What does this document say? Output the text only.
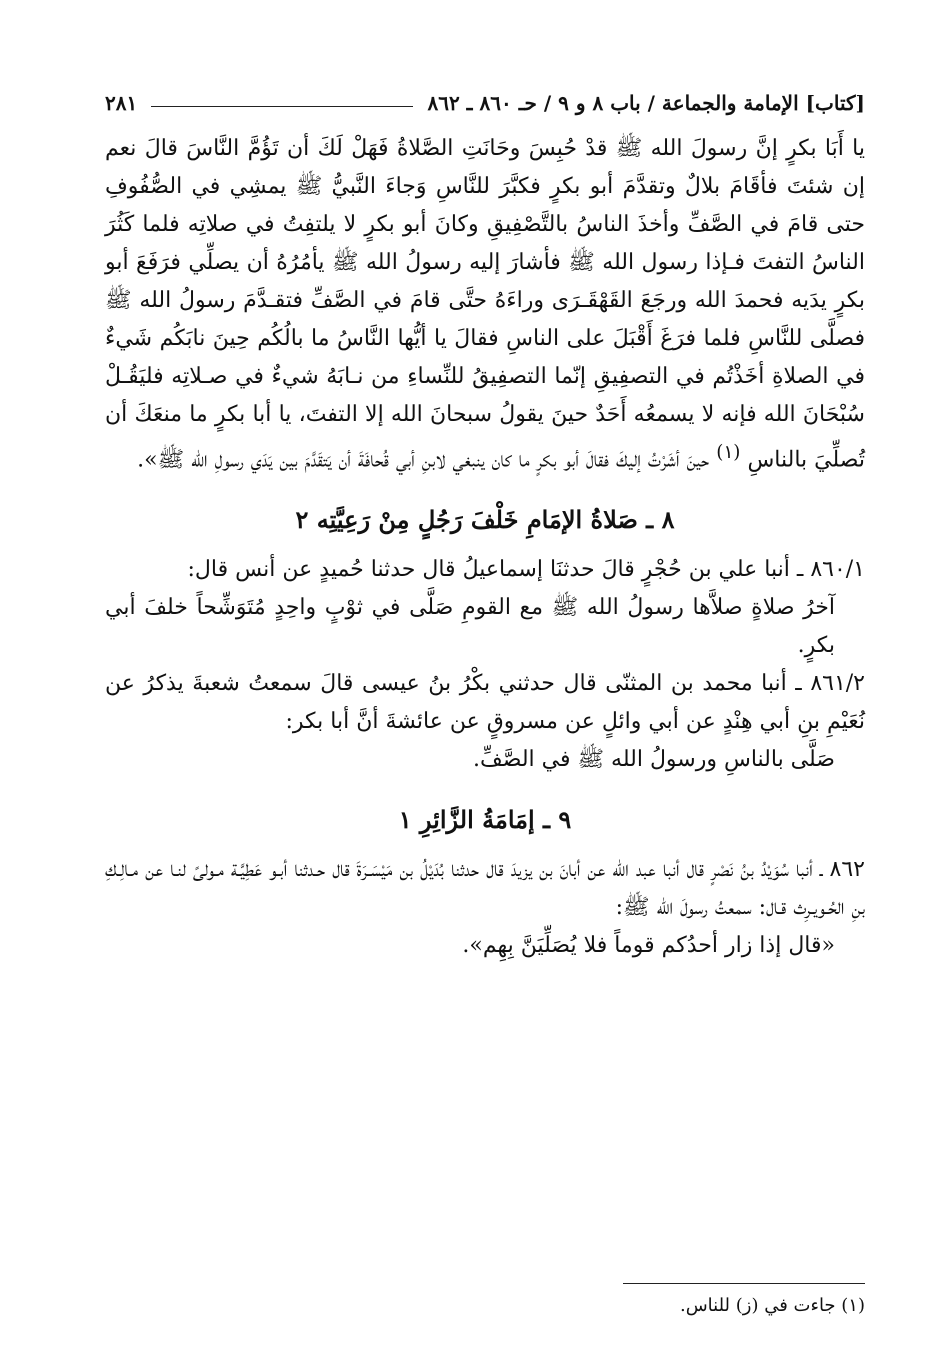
[كتاب] الإمامة والجماعة / باب ٨ و ٩ / حـ ٨٦٠ ـ ٨٦٢
٢٨١

يا أَبَا بكرٍ إنَّ رسولَ الله ﷺ قدْ حُبِسَ وحَانَتِ الصَّلاةُ فَهَلْ لَكَ أن تَؤُمَّ النَّاسَ قالَ نعم إن شئتَ فأقَامَ بلالٌ وتقدَّمَ أبو بكرٍ فكبَّرَ للنَّاسِ وَجاءَ النَّبيُّ ﷺ يمشِي في الصُّفُوفِ حتى قامَ في الصَّفِّ وأخذَ الناسُ بالتَّصْفِيقِ وكانَ أبو بكرٍ لا يلتفِتُ في صلاتِه فلما كَثُرَ الناسُ التفتَ فـإذا رسول الله ﷺ فأشارَ إليه رسولُ الله ﷺ يأمُرُهُ أن يصلِّي فرَفَعَ أبو بكرٍ يدَيه فحمدَ الله ورجَعَ القَهْقَـرَى وراءَهُ حتَّى قامَ في الصَّفِّ فتقـدَّمَ رسولُ الله ﷺ فصلَّى للنَّاسِ فلما فرَغَ أَقْبَلَ على الناسِ فقالَ يا أيُّها النَّاسُ ما بالُكُم حِينَ نابَكُم شَيءٌ في الصلاةِ أخَذْتُم في التصفِيقِ إنّما التصفِيقُ للنِّساءِ من نـابَهُ شيءٌ في صـلاتِه فليَقُـلْ سُبْحَانَ الله فإنه لا يسمعُه أَحَدٌ حينَ يقولُ سبحانَ الله إلا التفتَ، يا أبا بكرٍ ما منعَكَ أن تُصلِّيَ بالناسِ $^{(١)}$ حينَ أشَرْتُ إليكَ فقالَ أبو بكرٍ ما كان ينبغي لابنِ أبي قُحافَةَ أن يَتقَدَّمَ بين يَدَي رسولِ الله ﷺ».

٨ ـ صَلاةُ الإمَامِ خَلْفَ رَجُلٍ مِنْ رَعِيَّتِه ٢

٨٦٠/١ ـ أنبا علي بن حُجْرٍ قالَ حدثنَا إسماعيلُ قال حدثنا حُميدٍ عن أنس قال:

آخرُ صلاةٍ صلاَّها رسولُ الله ﷺ مع القومِ صَلَّى في ثوْبٍ واحِدٍ مُتَوَشِّحاً خلفَ أبي بكرٍ.

٨٦١/٢ ـ أنبا محمد بن المثنّى قال حدثني بكْرُ بنُ عيسى قالَ سمعتُ شعبةَ يذكرُ عن نُعَيْمِ بنِ أبي هِنْدٍ عن أبي وائلٍ عن مسروقٍ عن عائشةَ أنَّ أبا بكر:

صَلَّى بالناسِ ورسولُ الله ﷺ في الصَّفِّ.

٩ ـ إمَامَةُ الزَّائِرِ ١

٨٦٢ ـ أنبا سُوَيْدُ بنُ نَصْرٍ قال أنبا عبد الله عن أبانَ بن يزيدَ قال حدثنا بُدَيْلُ بن مَيْسَـرَةَ قال حـدثنا أبـو عَطِيَّـة مـولىً لنـا عن مـالِـكِ بنِ الحُـويـرِث قـال: سمعتُ رسولَ الله ﷺ:

«قال إذا زار أحدُكم قوماً فلا يُصَلِّيَنَّ بِهِم».

(١) جاءت في (ز) للناس.
